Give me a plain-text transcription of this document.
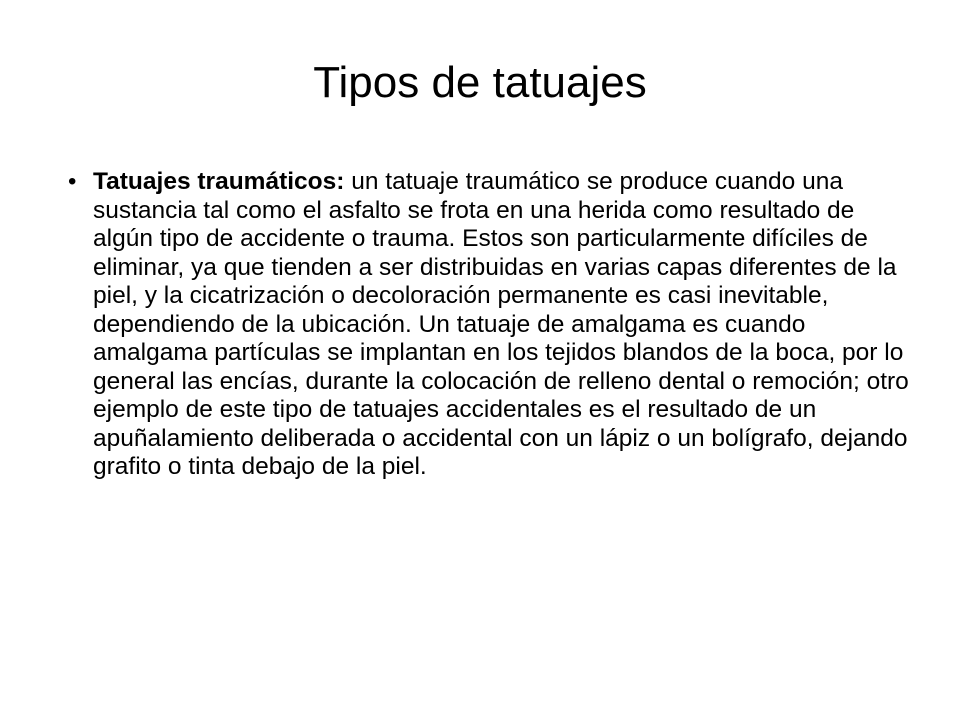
Tipos de tatuajes

• Tatuajes traumáticos: un tatuaje traumático se produce cuando una sustancia tal como el asfalto se frota en una herida como resultado de algún tipo de accidente o trauma. Estos son particularmente difíciles de eliminar, ya que tienden a ser distribuidas en varias capas diferentes de la piel, y la cicatrización o decoloración permanente es casi inevitable, dependiendo de la ubicación. Un tatuaje de amalgama es cuando amalgama partículas se implantan en los tejidos blandos de la boca, por lo general las encías, durante la colocación de relleno dental o remoción; otro ejemplo de este tipo de tatuajes accidentales es el resultado de un apuñalamiento deliberada o accidental con un lápiz o un bolígrafo, dejando grafito o tinta debajo de la piel.
